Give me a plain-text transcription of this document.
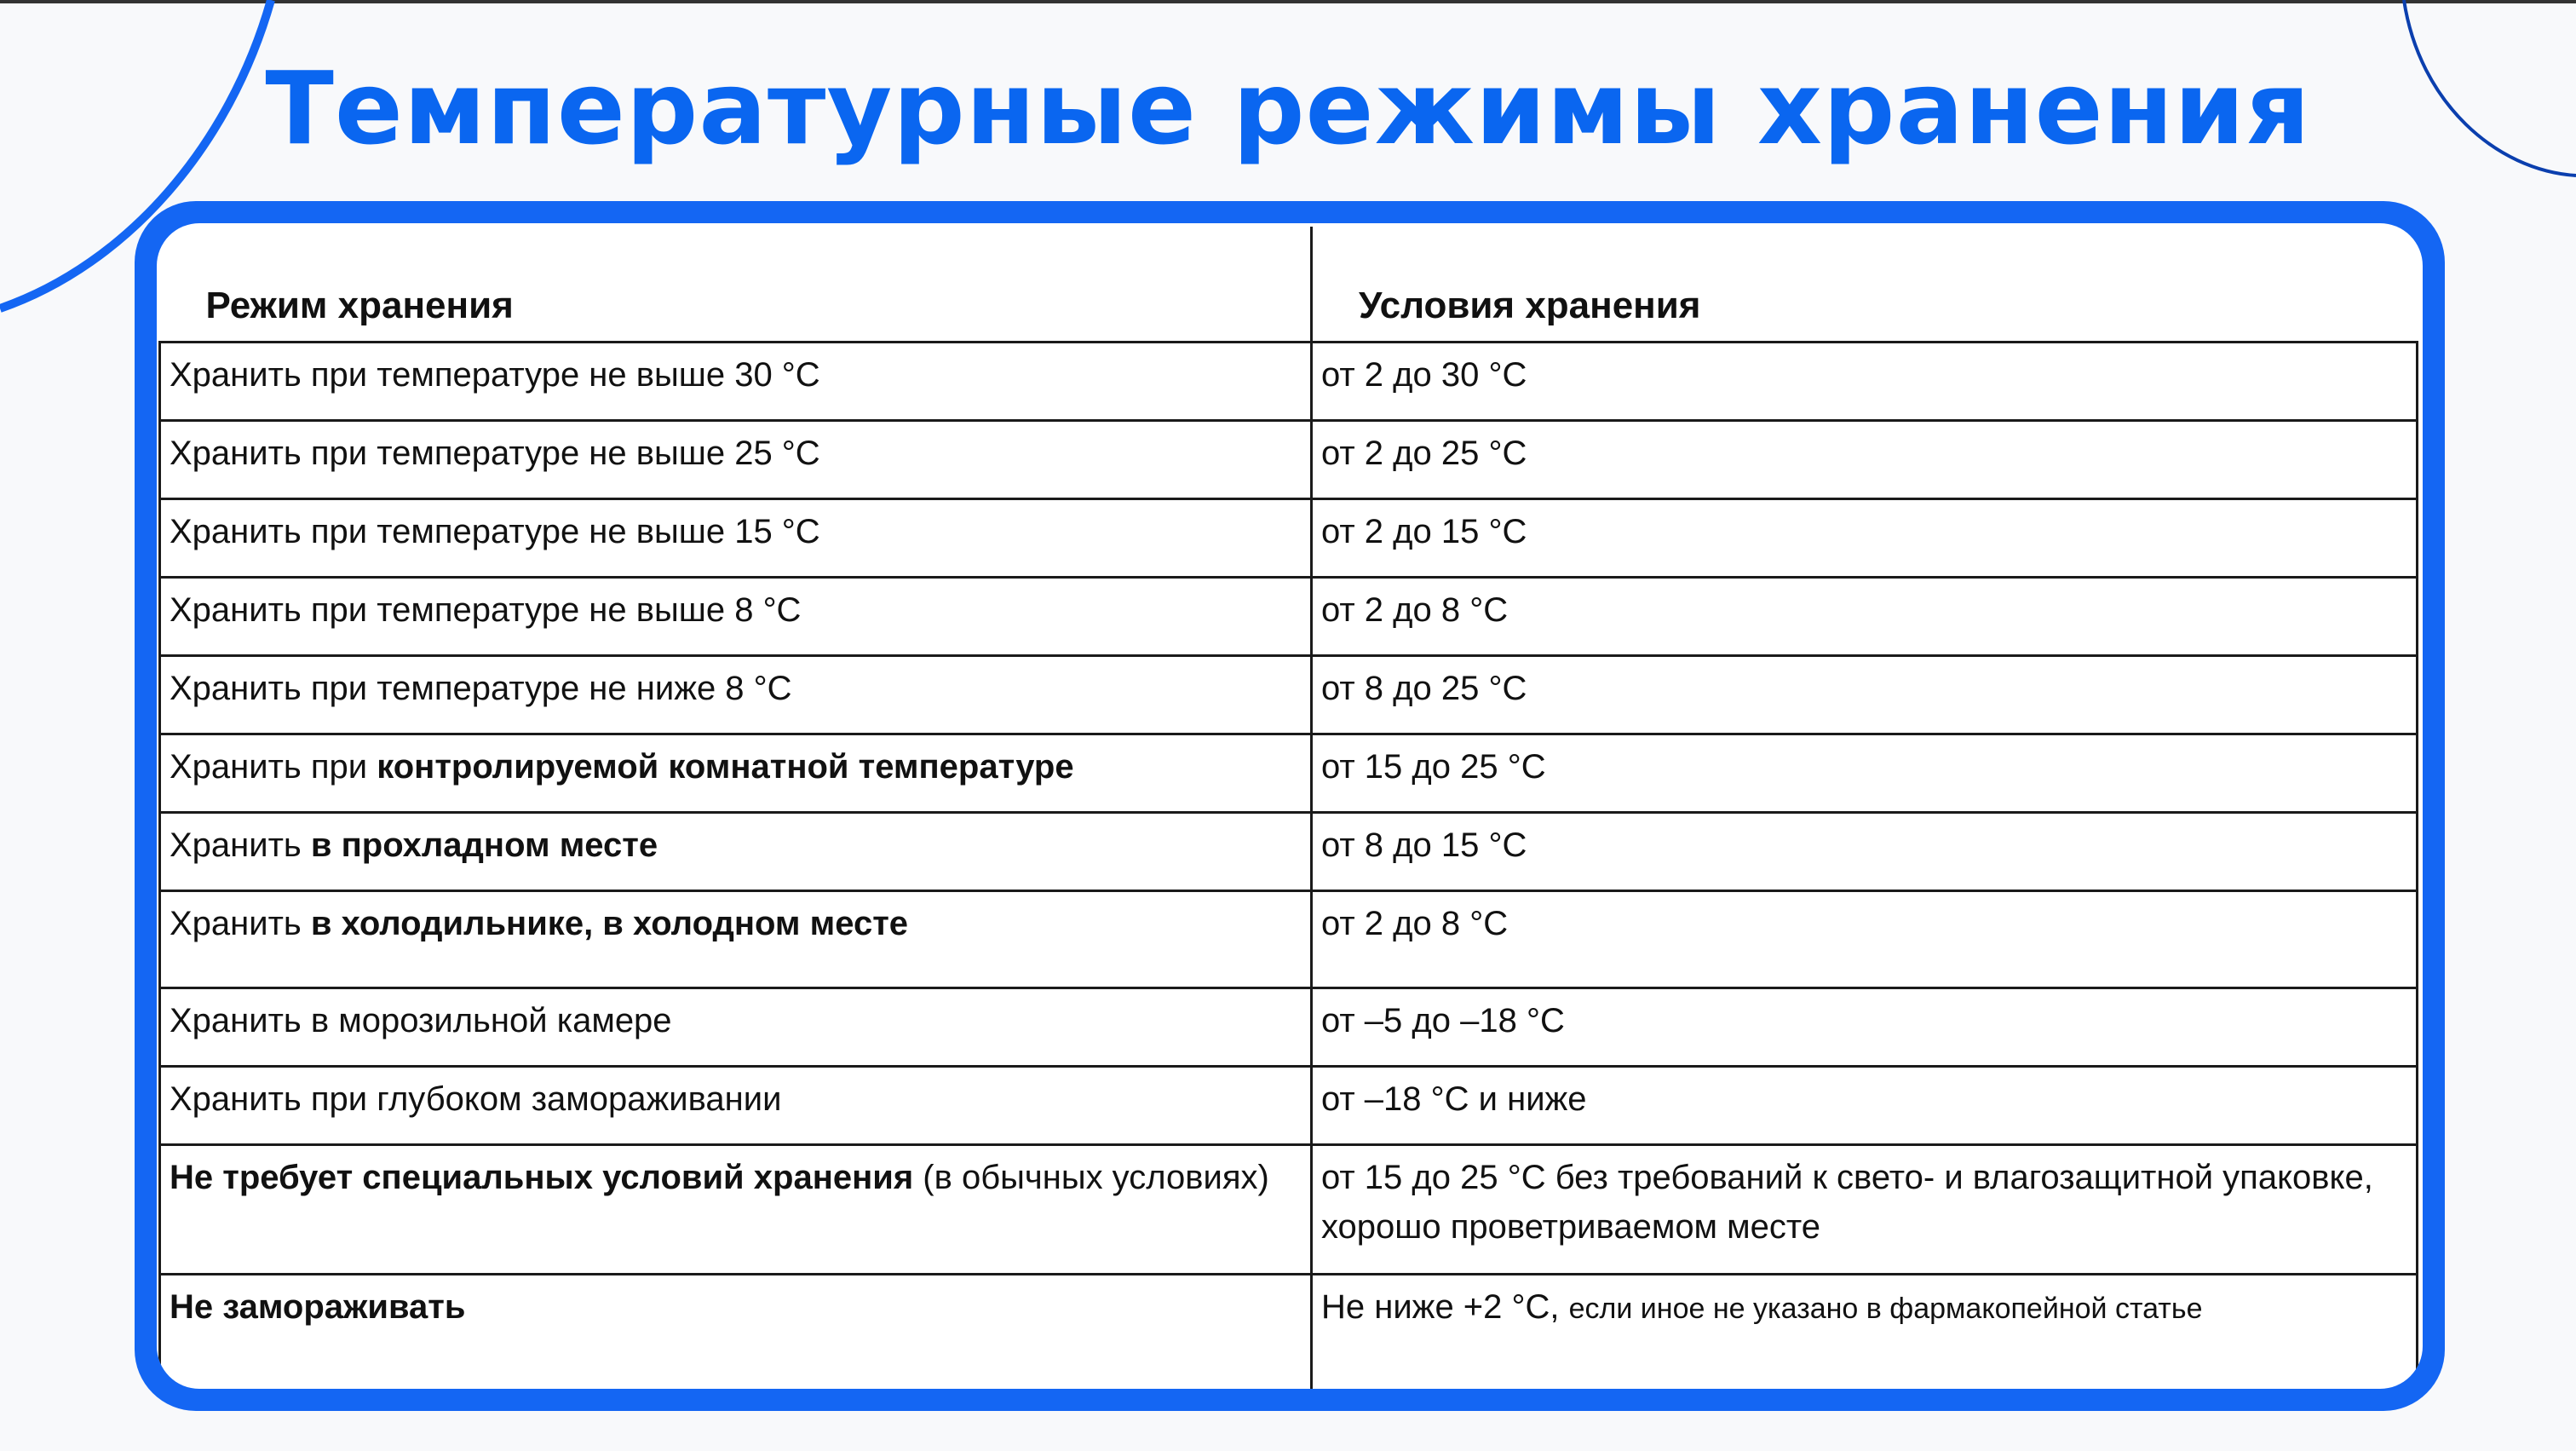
Температурные режимы хранения
Режим хранения	Условия хранения
Хранить при температуре не выше 30 °С	от 2 до 30 °С
Хранить при температуре не выше 25 °С	от 2 до 25 °С
Хранить при температуре не выше 15 °С	от 2 до 15 °С
Хранить при температуре не выше 8 °С	от 2 до 8 °С
Хранить при температуре не ниже 8 °С	от 8 до 25 °С
Хранить при контролируемой комнатной температуре	от 15 до 25 °С
Хранить в прохладном месте	от 8 до 15 °С
Хранить в холодильнике, в холодном месте	от 2 до 8 °С
Хранить в морозильной камере	от –5 до –18 °С
Хранить при глубоком замораживании	от –18 °С и ниже
Не требует специальных условий хранения (в обычных условиях)	от 15 до 25 °С без требований к свето- и влагозащитной упаковке, хорошо проветриваемом месте
Не замораживать	Не ниже +2 °С, если иное не указано в фармакопейной статье
